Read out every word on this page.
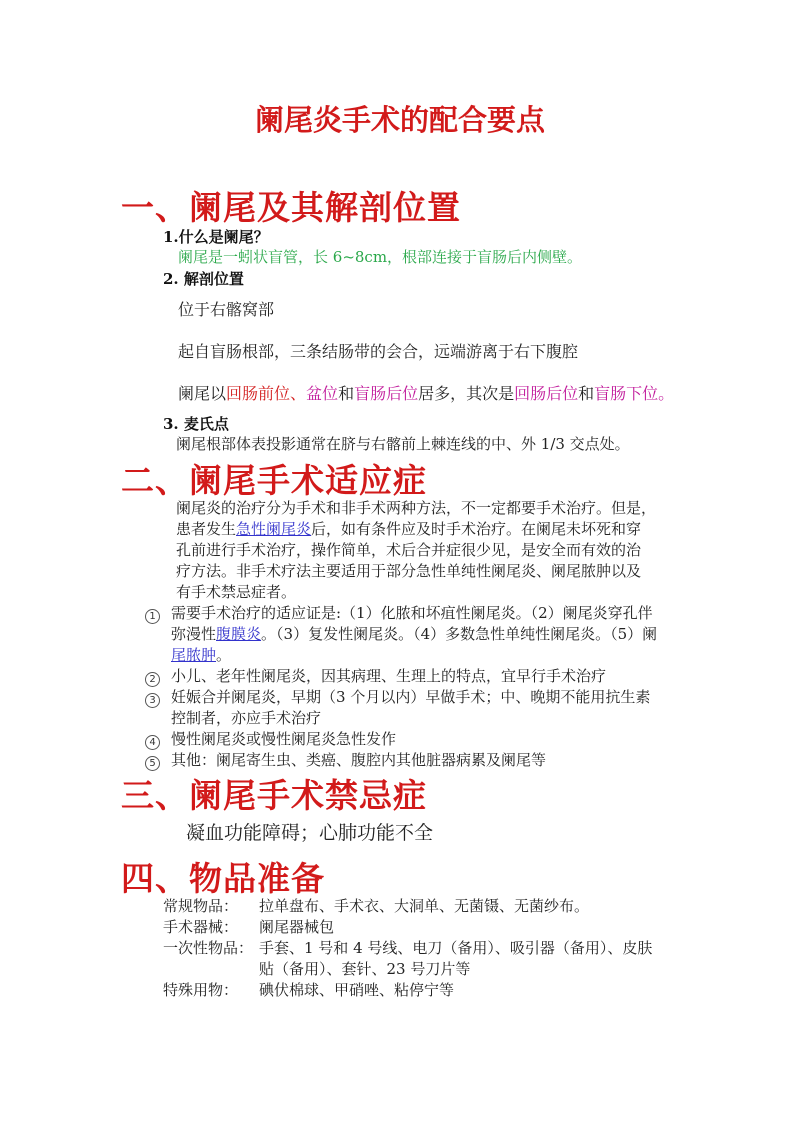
阑尾炎手术的配合要点
一、阑尾及其解剖位置
1.什么是阑尾？
阑尾是一蚓状盲管，长 6~8cm，根部连接于盲肠后内侧壁。
2. 解剖位置
位于右髂窝部
起自盲肠根部，三条结肠带的会合，远端游离于右下腹腔
阑尾以回肠前位、盆位和盲肠后位居多，其次是回肠后位和盲肠下位。
3. 麦氏点
阑尾根部体表投影通常在脐与右髂前上棘连线的中、外 1/3 交点处。
二、阑尾手术适应症
阑尾炎的治疗分为手术和非手术两种方法，不一定都要手术治疗。但是，
患者发生急性阑尾炎后，如有条件应及时手术治疗。在阑尾未坏死和穿
孔前进行手术治疗，操作简单，术后合并症很少见，是安全而有效的治
疗方法。非手术疗法主要适用于部分急性单纯性阑尾炎、阑尾脓肿以及
有手术禁忌症者。
1 需要手术治疗的适应证是:（1）化脓和坏疽性阑尾炎。（2）阑尾炎穿孔伴
弥漫性腹膜炎。（3）复发性阑尾炎。（4）多数急性单纯性阑尾炎。（5）阑
尾脓肿。
2 小儿、老年性阑尾炎，因其病理、生理上的特点，宜早行手术治疗
3 妊娠合并阑尾炎，早期（3 个月以内）早做手术；中、晚期不能用抗生素
控制者，亦应手术治疗
4 慢性阑尾炎或慢性阑尾炎急性发作
5 其他：阑尾寄生虫、类癌、腹腔内其他脏器病累及阑尾等
三、阑尾手术禁忌症
凝血功能障碍；心肺功能不全
四、物品准备
常规物品： 拉单盘布、手术衣、大洞单、无菌镊、无菌纱布。
手术器械： 阑尾器械包
一次性物品： 手套、1 号和 4 号线、电刀（备用）、吸引器（备用）、皮肤
贴（备用）、套针、23 号刀片等
特殊用物： 碘伏棉球、甲硝唑、粘停宁等
